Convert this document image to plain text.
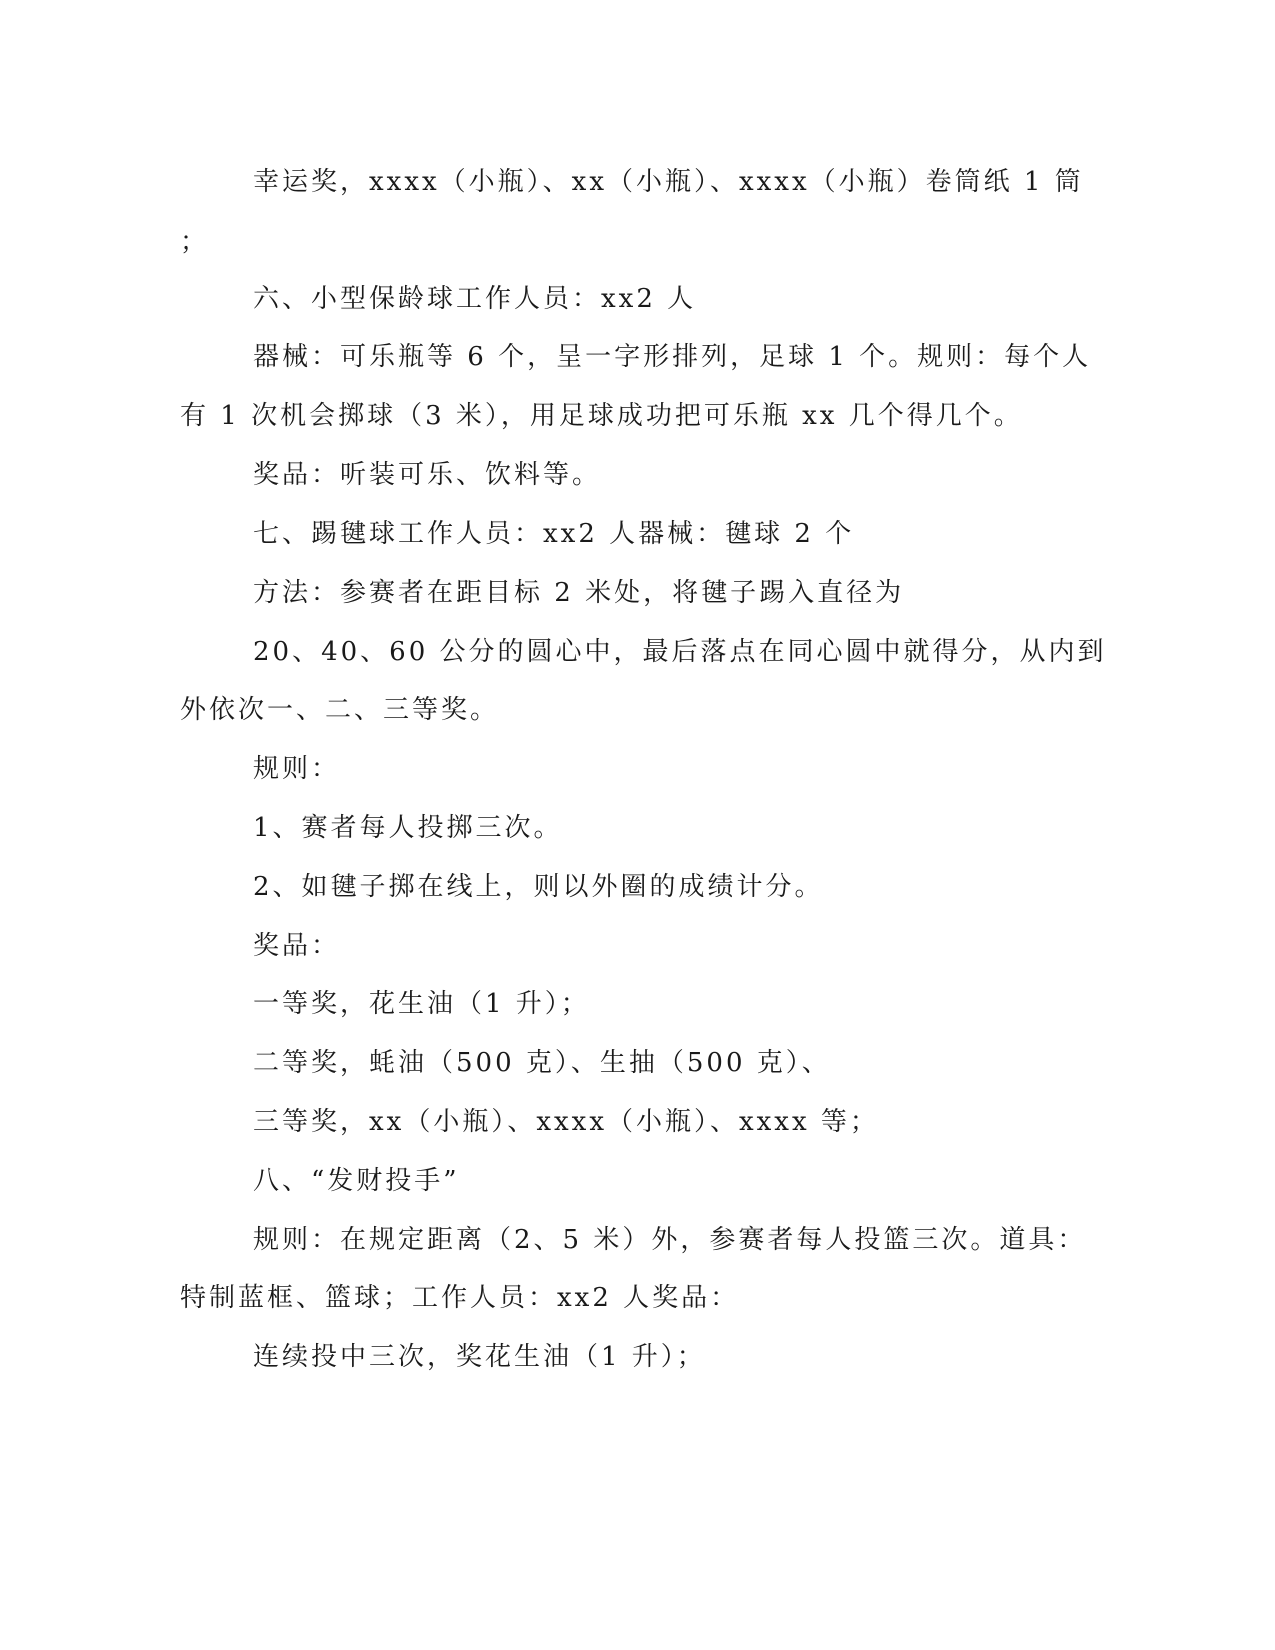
幸运奖，xxxx（小瓶）、xx（小瓶）、xxxx（小瓶）卷筒纸 1 筒
；
六、小型保龄球工作人员：xx2 人
器械：可乐瓶等 6 个，呈一字形排列，足球 1 个。规则：每个人
有 1 次机会掷球（3 米），用足球成功把可乐瓶 xx 几个得几个。
奖品：听装可乐、饮料等。
七、踢毽球工作人员：xx2 人器械：毽球 2 个
方法：参赛者在距目标 2 米处，将毽子踢入直径为
20、40、60 公分的圆心中，最后落点在同心圆中就得分，从内到
外依次一、二、三等奖。
规则：
1、赛者每人投掷三次。
2、如毽子掷在线上，则以外圈的成绩计分。
奖品：
一等奖，花生油（1 升）；
二等奖，蚝油（500 克）、生抽（500 克）、
三等奖，xx（小瓶）、xxxx（小瓶）、xxxx 等；
八、“发财投手”
规则：在规定距离（2、5 米）外，参赛者每人投篮三次。道具：
特制蓝框、篮球；工作人员：xx2 人奖品：
连续投中三次，奖花生油（1 升）；
